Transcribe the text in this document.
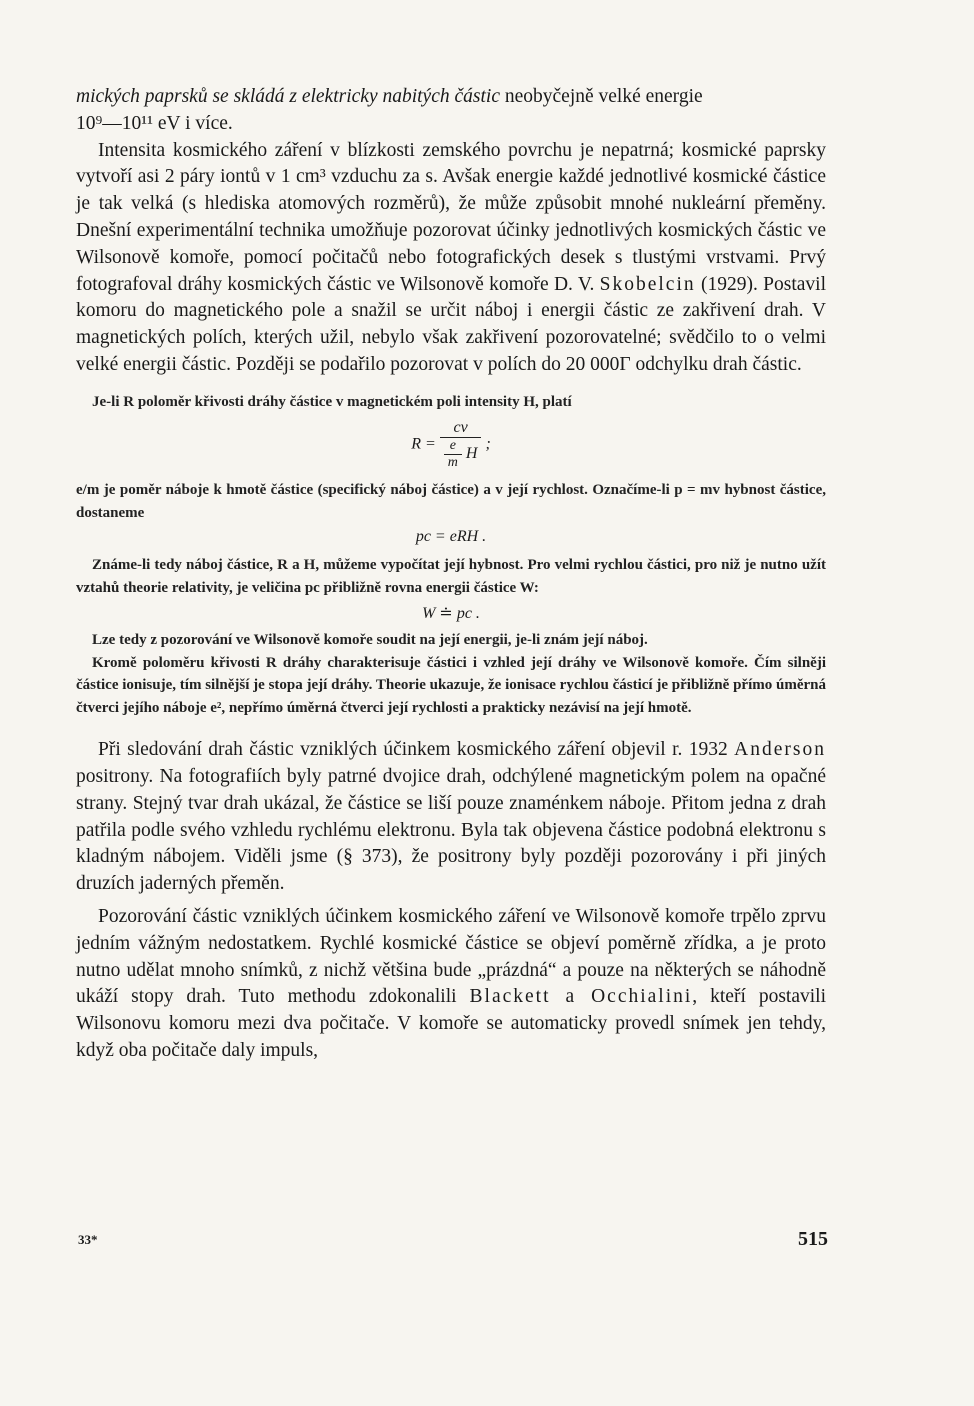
mických paprsků se skládá z elektricky nabitých částic neobyčejně velké energie
10⁹—10¹¹ eV i více.

Intensita kosmického záření v blízkosti zemského povrchu je nepatrná; kosmické paprsky vytvoří asi 2 páry iontů v 1 cm³ vzduchu za s. Avšak energie každé jednotlivé kosmické částice je tak velká (s hlediska atomových rozměrů), že může způsobit mnohé nukleární přeměny. Dnešní experimentální technika umožňuje pozorovat účinky jednotlivých kosmických částic ve Wilsonově komoře, pomocí počitačů nebo fotografických desek s tlustými vrstvami. Prvý fotografoval dráhy kosmických částic ve Wilsonově komoře D. V. Skobelcin (1929). Postavil komoru do magnetického pole a snažil se určit náboj i energii částic ze zakřivení drah. V magnetických polích, kterých užil, nebylo však zakřivení pozorovatelné; svědčilo to o velmi velké energii částic. Později se podařilo pozorovat v polích do 20 000Γ odchylku drah částic.

Je-li R poloměr křivosti dráhy částice v magnetickém poli intensity H, platí

$R = \frac{cv}{\frac{e}{m} H}$ ;

e/m je poměr náboje k hmotě částice (specifický náboj částice) a v její rychlost. Označíme-li p = mv hybnost částice, dostaneme

pc = eRH .

Známe-li tedy náboj částice, R a H, můžeme vypočítat její hybnost. Pro velmi rychlou částici, pro niž je nutno užít vztahů theorie relativity, je veličina pc přibližně rovna energii částice W:

W ≐ pc .

Lze tedy z pozorování ve Wilsonově komoře soudit na její energii, je-li znám její náboj.

Kromě poloměru křivosti R dráhy charakterisuje částici i vzhled její dráhy ve Wilsonově komoře. Čím silněji částice ionisuje, tím silnější je stopa její dráhy. Theorie ukazuje, že ionisace rychlou částicí je přibližně přímo úměrná čtverci jejího náboje e², nepřímo úměrná čtverci její rychlosti a prakticky nezávisí na její hmotě.

Při sledování drah částic vzniklých účinkem kosmického záření objevil r. 1932 Anderson positrony. Na fotografiích byly patrné dvojice drah, odchýlené magnetickým polem na opačné strany. Stejný tvar drah ukázal, že částice se liší pouze znaménkem náboje. Přitom jedna z drah patřila podle svého vzhledu rychlému elektronu. Byla tak objevena částice podobná elektronu s kladným nábojem. Viděli jsme (§ 373), že positrony byly později pozorovány i při jiných druzích jaderných přeměn.

Pozorování částic vzniklých účinkem kosmického záření ve Wilsonově komoře trpělo zprvu jedním vážným nedostatkem. Rychlé kosmické částice se objeví poměrně zřídka, a je proto nutno udělat mnoho snímků, z nichž většina bude „prázdná“ a pouze na některých se náhodně ukáží stopy drah. Tuto methodu zdokonalili Blackett a Occhialini, kteří postavili Wilsonovu komoru mezi dva počitače. V komoře se automaticky provedl snímek jen tehdy, když oba počitače daly impuls,

33*	515
